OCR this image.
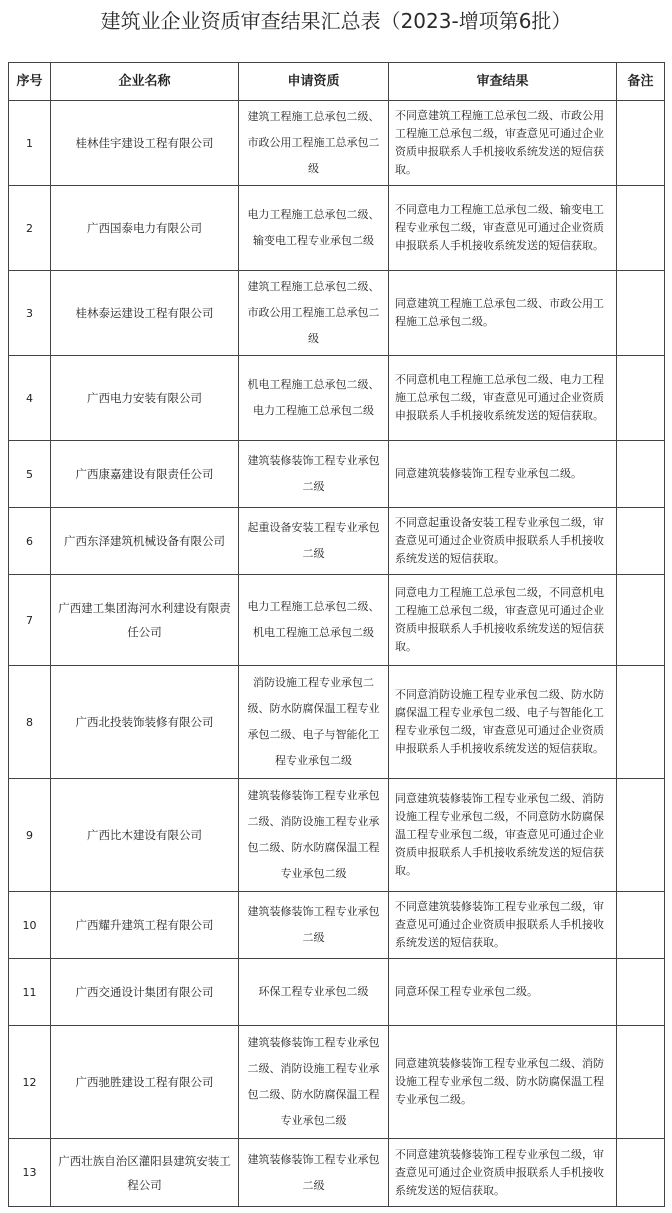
建筑业企业资质审查结果汇总表（2023-增项第6批）
序号	企业名称	申请资质	审查结果	备注
1	桂林佳宇建设工程有限公司	建筑工程施工总承包二级、市政公用工程施工总承包二级	不同意建筑工程施工总承包二级、市政公用工程施工总承包二级，审查意见可通过企业资质申报联系人手机接收系统发送的短信获取。	

2	广西国泰电力有限公司	电力工程施工总承包二级、输变电工程专业承包二级	不同意电力工程施工总承包二级、输变电工程专业承包二级，审查意见可通过企业资质申报联系人手机接收系统发送的短信获取。	

3	桂林泰运建设工程有限公司	建筑工程施工总承包二级、市政公用工程施工总承包二级	同意建筑工程施工总承包二级、市政公用工程施工总承包二级。	

4	广西电力安装有限公司	机电工程施工总承包二级、电力工程施工总承包二级	不同意机电工程施工总承包二级、电力工程施工总承包二级，审查意见可通过企业资质申报联系人手机接收系统发送的短信获取。	

5	广西康嘉建设有限责任公司	建筑装修装饰工程专业承包二级	同意建筑装修装饰工程专业承包二级。	

6	广西东泽建筑机械设备有限公司	起重设备安装工程专业承包二级	不同意起重设备安装工程专业承包二级，审查意见可通过企业资质申报联系人手机接收系统发送的短信获取。	

7	广西建工集团海河水利建设有限责任公司	电力工程施工总承包二级、机电工程施工总承包二级	同意电力工程施工总承包二级，不同意机电工程施工总承包二级，审查意见可通过企业资质申报联系人手机接收系统发送的短信获取。	

8	广西北投装饰装修有限公司	消防设施工程专业承包二级、防水防腐保温工程专业承包二级、电子与智能化工程专业承包二级	不同意消防设施工程专业承包二级、防水防腐保温工程专业承包二级、电子与智能化工程专业承包二级，审查意见可通过企业资质申报联系人手机接收系统发送的短信获取。	

9	广西比木建设有限公司	建筑装修装饰工程专业承包二级、消防设施工程专业承包二级、防水防腐保温工程专业承包二级	同意建筑装修装饰工程专业承包二级、消防设施工程专业承包二级，不同意防水防腐保温工程专业承包二级，审查意见可通过企业资质申报联系人手机接收系统发送的短信获取。	

10	广西耀升建筑工程有限公司	建筑装修装饰工程专业承包二级	不同意建筑装修装饰工程专业承包二级，审查意见可通过企业资质申报联系人手机接收系统发送的短信获取。	

11	广西交通设计集团有限公司	环保工程专业承包二级	同意环保工程专业承包二级。	

12	广西驰胜建设工程有限公司	建筑装修装饰工程专业承包二级、消防设施工程专业承包二级、防水防腐保温工程专业承包二级	同意建筑装修装饰工程专业承包二级、消防设施工程专业承包二级、防水防腐保温工程专业承包二级。	

13	广西壮族自治区灌阳县建筑安装工程公司	建筑装修装饰工程专业承包二级	不同意建筑装修装饰工程专业承包二级，审查意见可通过企业资质申报联系人手机接收系统发送的短信获取。	
